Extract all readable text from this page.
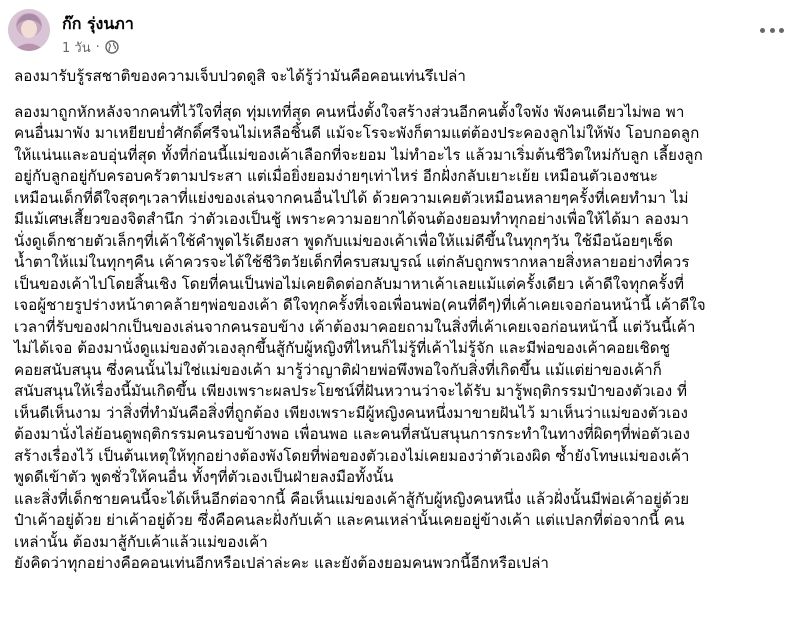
ก๊ก รุ่งนภา
1 วัน ·

ลองมารับรู้รสชาติของความเจ็บปวดดูสิ จะได้รู้ว่ามันคือคอนเท่นรึเปล่า

ลองมาถูกหักหลังจากคนที่ไว้ใจที่สุด ทุ่มเทที่สุด คนหนึ่งตั้งใจสร้างส่วนอีกคนตั้งใจพัง พังคนเดียวไม่พอ พา
คนอื่นมาพัง มาเหยียบย่ำศักดิ์ศรีจนไม่เหลือชิ้นดี แม้จะโรจะพังก็ตามแต่ต้องประคองลูกไม่ให้พัง โอบกอดลูก
ให้แน่นและอบอุ่นที่สุด ทั้งที่ก่อนนี้แม่ของเค้าเลือกที่จะยอม ไม่ทำอะไร แล้วมาเริ่มต้นชีวิตใหม่กับลูก เลี้ยงลูก
อยู่กับลูกอยู่กับครอบครัวตามประสา แต่เมื่อยิ่งยอมง่ายๆเท่าไหร่ อีกฝั่งกลับเยาะเย้ย เหมือนตัวเองชนะ
เหมือนเด็กที่ดีใจสุดๆเวลาที่แย่งของเล่นจากคนอื่นไปได้ ด้วยความเคยตัวเหมือนหลายๆครั้งที่เคยทำมา ไม่
มีแม้เศษเสี้ยวของจิตสำนึก ว่าตัวเองเป็นชู้ เพราะความอยากได้จนต้องยอมทำทุกอย่างเพื่อให้ได้มา ลองมา
นั่งดูเด็กชายตัวเล็กๆที่เค้าใช้คำพูดไร้เดียงสา พูดกับแม่ของเค้าเพื่อให้แม่ดีขึ้นในทุกๆวัน ใช้มือน้อยๆเช็ด
น้ำตาให้แม่ในทุกๆคืน เค้าควรจะได้ใช้ชีวิตวัยเด็กที่ครบสมบูรณ์ แต่กลับถูกพรากหลายสิ่งหลายอย่างที่ควร
เป็นของเค้าไปโดยสิ้นเชิง โดยที่คนเป็นพ่อไม่เคยติดต่อกลับมาหาเค้าเลยแม้แต่ครั้งเดียว เค้าดีใจทุกครั้งที่
เจอผู้ชายรูปร่างหน้าตาคล้ายๆพ่อของเค้า ดีใจทุกครั้งที่เจอเพื่อนพ่อ(คนที่ดีๆ)ที่เค้าเคยเจอก่อนหน้านี้ เค้าดีใจ
เวลาที่รับของฝากเป็นของเล่นจากคนรอบข้าง เค้าต้องมาคอยถามในสิ่งที่เค้าเคยเจอก่อนหน้านี้ แต่วันนี้เค้า
ไม่ได้เจอ ต้องมานั่งดูแม่ของตัวเองลุกขึ้นสู้กับผู้หญิงที่ไหนก็ไม่รู้ที่เค้าไม่รู้จัก และมีพ่อของเค้าคอยเชิดชู
คอยสนับสนุน ซึ่งคนนั้นไม่ใช่แม่ของเค้า มารู้ว่าญาติฝ่ายพ่อพึงพอใจกับสิ่งที่เกิดขึ้น แม้แต่ย่าของเค้าก็
สนับสนุนให้เรื่องนี้มันเกิดขึ้น เพียงเพราะผลประโยชน์ที่ฝันหวานว่าจะได้รับ มารู้พฤติกรรมป๋าของตัวเอง ที่
เห็นดีเห็นงาม ว่าสิ่งที่ทำมันคือสิ่งที่ถูกต้อง เพียงเพราะมีผู้หญิงคนหนึ่งมาขายฝันไว้ มาเห็นว่าแม่ของตัวเอง
ต้องมานั่งไล่ย้อนดูพฤติกรรมคนรอบข้างพอ เพื่อนพอ และคนที่สนับสนุนการกระทำในทางที่ผิดๆที่พ่อตัวเอง
สร้างเรื่องไว้ เป็นต้นเหตุให้ทุกอย่างต้องพังโดยที่พ่อของตัวเองไม่เคยมองว่าตัวเองผิด ซ้ำยังโทษแม่ของเค้า
พูดดีเข้าตัว พูดชั่วให้คนอื่น ทั้งๆที่ตัวเองเป็นฝ่ายลงมือทั้งนั้น

และสิ่งที่เด็กชายคนนี้จะได้เห็นอีกต่อจากนี้ คือเห็นแม่ของเค้าสู้กับผู้หญิงคนหนึ่ง แล้วฝั่งนั้นมีพ่อเค้าอยู่ด้วย
ป๋าเค้าอยู่ด้วย ย่าเค้าอยู่ด้วย ซึ่งคือคนละฝั่งกับเค้า และคนเหล่านั้นเคยอยู่ข้างเค้า แต่แปลกที่ต่อจากนี้ คน
เหล่านั้น ต้องมาสู้กับเค้าแล้วแม่ของเค้า
ยังคิดว่าทุกอย่างคือคอนเท่นอีกหรือเปล่าล่ะคะ และยังต้องยอมคนพวกนี้อีกหรือเปล่า
